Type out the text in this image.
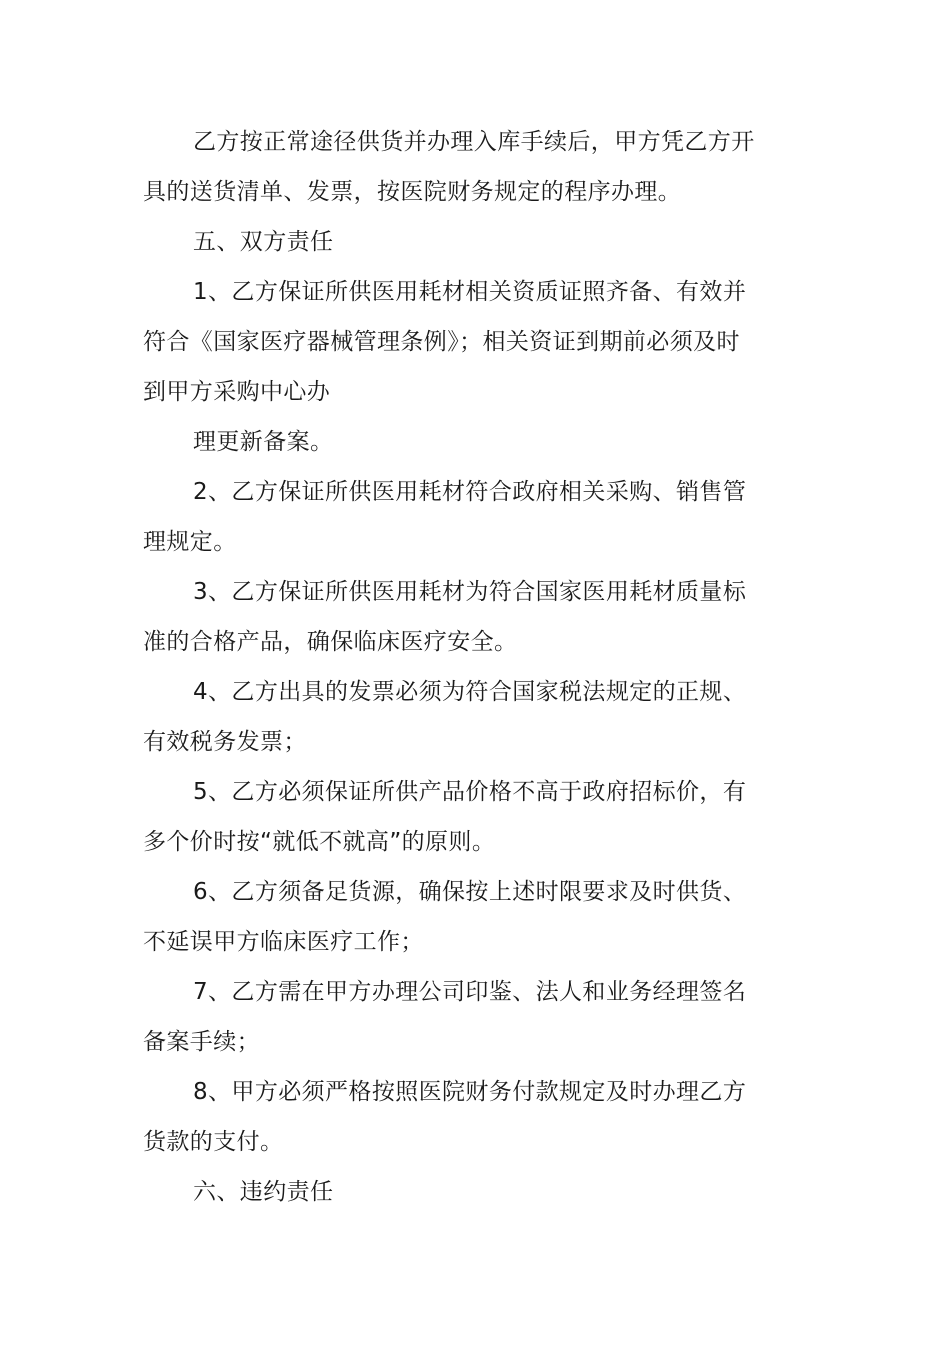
乙方按正常途径供货并办理入库手续后，甲方凭乙方开
具的送货清单、发票，按医院财务规定的程序办理。
五、双方责任
1、乙方保证所供医用耗材相关资质证照齐备、有效并
符合《国家医疗器械管理条例》；相关资证到期前必须及时
到甲方采购中心办
理更新备案。
2、乙方保证所供医用耗材符合政府相关采购、销售管
理规定。
3、乙方保证所供医用耗材为符合国家医用耗材质量标
准的合格产品，确保临床医疗安全。
4、乙方出具的发票必须为符合国家税法规定的正规、
有效税务发票；
5、乙方必须保证所供产品价格不高于政府招标价，有
多个价时按“就低不就高”的原则。
6、乙方须备足货源，确保按上述时限要求及时供货、
不延误甲方临床医疗工作；
7、乙方需在甲方办理公司印鉴、法人和业务经理签名
备案手续；
8、甲方必须严格按照医院财务付款规定及时办理乙方
货款的支付。
六、违约责任
